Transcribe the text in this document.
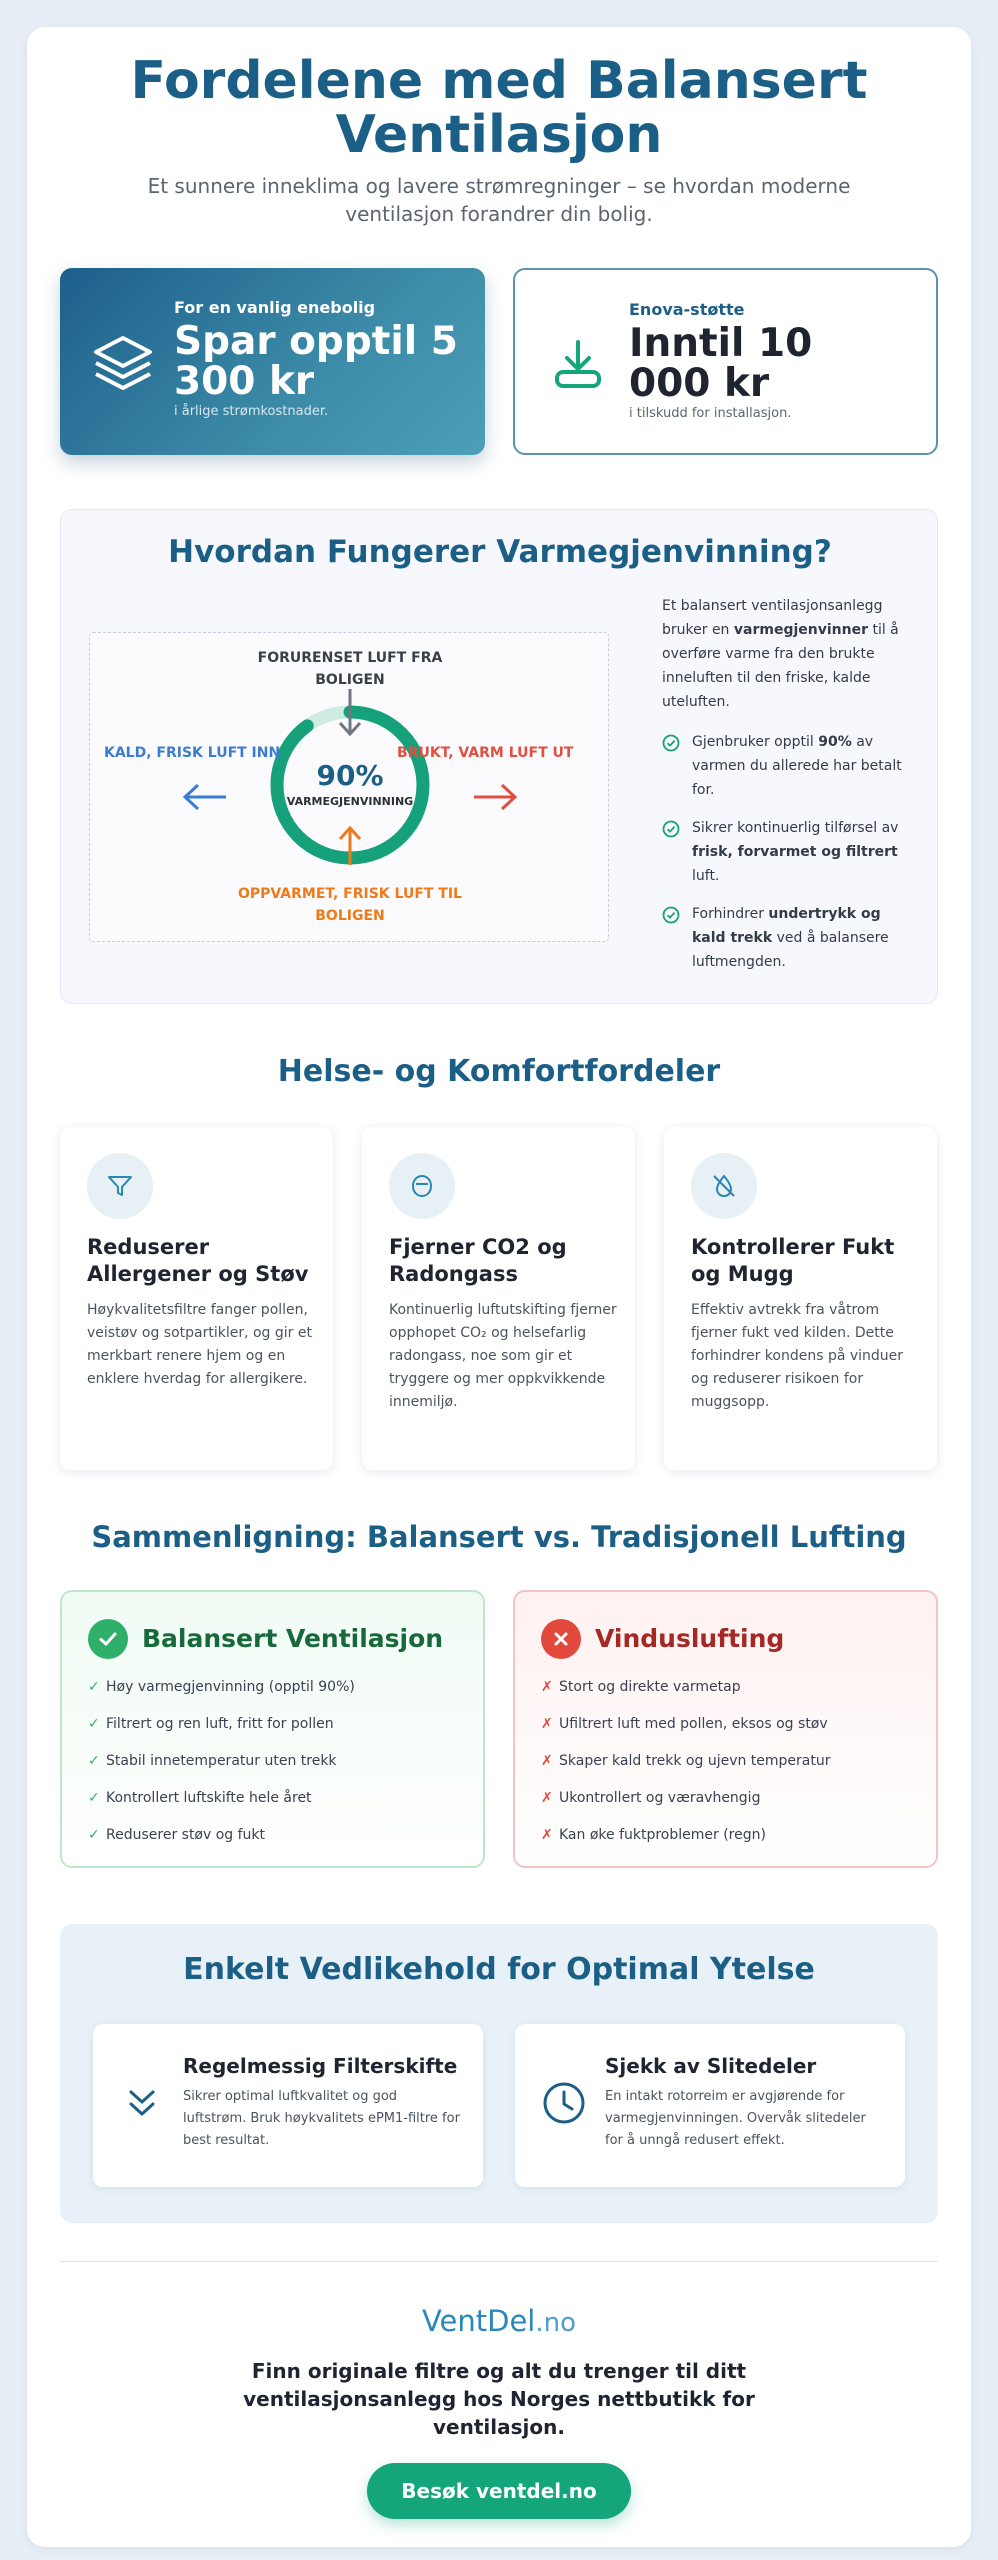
Fordelene med Balansert Ventilasjon

Et sunnere inneklima og lavere strømregninger – se hvordan moderne ventilasjon forandrer din bolig.

For en vanlig enebolig
Spar opptil 5 300 kr
i årlige strømkostnader.
Enova-støtte
Inntil 10 000 kr
i tilskudd for installasjon.
Hvordan Fungerer Varmegjenvinning?
FORURENSET LUFT FRA BOLIGEN
KALD, FRISK LUFT INN	BRUKT, VARM LUFT UT
90%
VARMEGJENVINNING
OPPVARMET, FRISK LUFT TIL BOLIGEN

Et balansert ventilasjonsanlegg bruker en varmegjenvinner til å overføre varme fra den brukte inneluften til den friske, kalde uteluften.

Gjenbruker opptil 90% av varmen du allerede har betalt for.
Sikrer kontinuerlig tilførsel av frisk, forvarmet og filtrert luft.
Forhindrer undertrykk og kald trekk ved å balansere luftmengden.
Helse- og Komfortfordeler
Reduserer Allergener og Støv

Høykvalitetsfiltre fanger pollen, veistøv og sotpartikler, og gir et merkbart renere hjem og en enklere hverdag for allergikere.

Fjerner CO2 og Radongass

Kontinuerlig luftutskifting fjerner opphopet CO₂ og helsefarlig radongass, noe som gir et tryggere og mer oppkvikkende innemiljø.

Kontrollerer Fukt og Mugg

Effektiv avtrekk fra våtrom fjerner fukt ved kilden. Dette forhindrer kondens på vinduer og reduserer risikoen for muggsopp.

Sammenligning: Balansert vs. Tradisjonell Lufting
Balansert Ventilasjon
✓ Høy varmegjenvinning (opptil 90%)
✓ Filtrert og ren luft, fritt for pollen
✓ Stabil innetemperatur uten trekk
✓ Kontrollert luftskifte hele året
✓ Reduserer støv og fukt
Vinduslufting
✗ Stort og direkte varmetap
✗ Ufiltrert luft med pollen, eksos og støv
✗ Skaper kald trekk og ujevn temperatur
✗ Ukontrollert og væravhengig
✗ Kan øke fuktproblemer (regn)
Enkelt Vedlikehold for Optimal Ytelse
Regelmessig Filterskifte

Sikrer optimal luftkvalitet og god luftstrøm. Bruk høykvalitets ePM1-filtre for best resultat.

Sjekk av Slitedeler

En intakt rotorreim er avgjørende for varmegjenvinningen. Overvåk slitedeler for å unngå redusert effekt.

VentDel.no

Finn originale filtre og alt du trenger til ditt ventilasjonsanlegg hos Norges nettbutikk for ventilasjon.

Besøk ventdel.no
